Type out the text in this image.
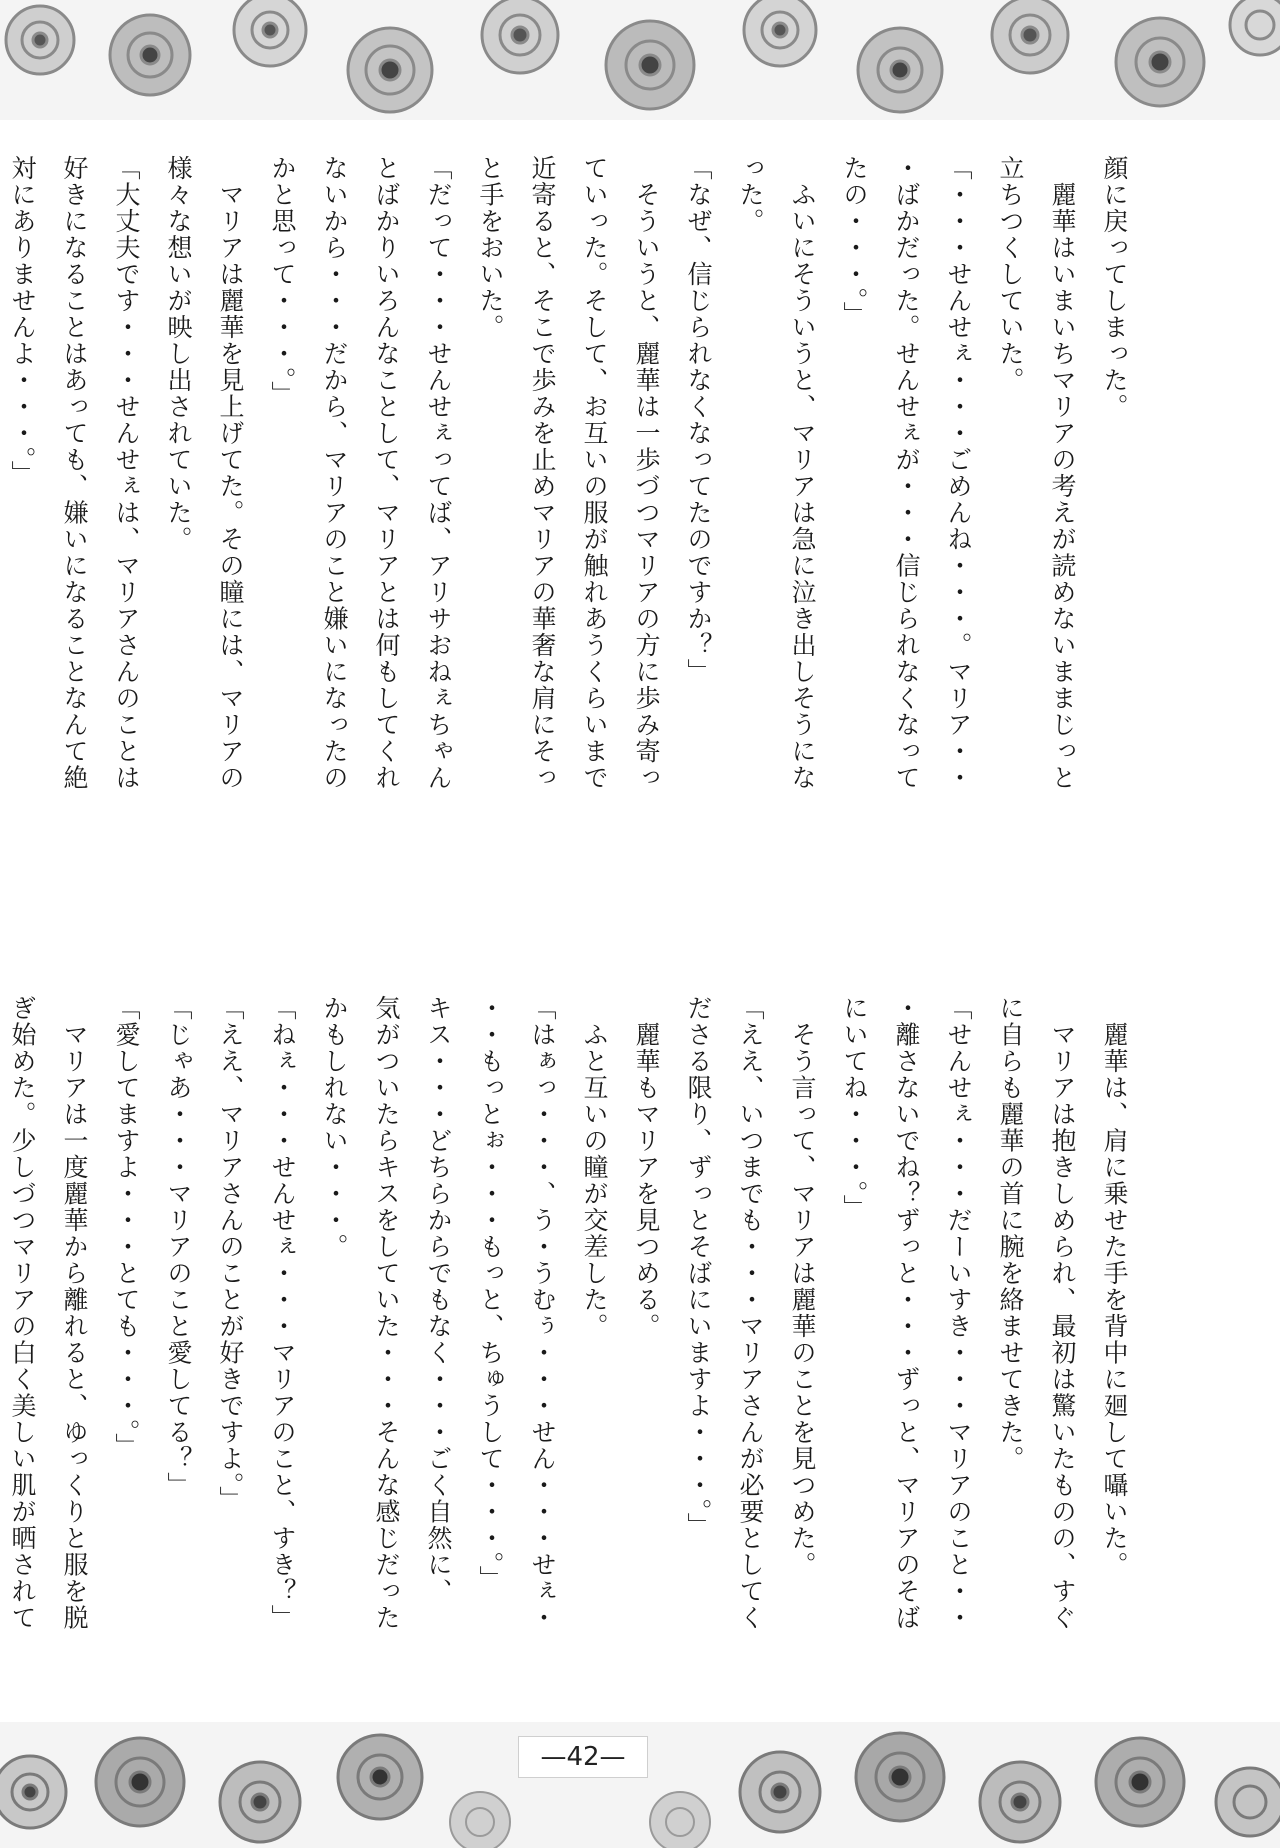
顔に戻ってしまった。

　麗華はいまいちマリアの考えが読めないままじっと

立ちつくしていた。

「・・・せんせぇ・・・ごめんね・・・。マリア・・

・ばかだった。せんせぇが・・・信じられなくなって

たの・・・。」

　ふいにそういうと、マリアは急に泣き出しそうにな

った。

「なぜ、信じられなくなってたのですか？」

　そういうと、麗華は一歩づつマリアの方に歩み寄っ

ていった。そして、お互いの服が触れあうくらいまで

近寄ると、そこで歩みを止めマリアの華奢な肩にそっ

と手をおいた。

「だって・・・せんせぇってば、アリサおねぇちゃん

とばかりいろんなことして、マリアとは何もしてくれ

ないから・・・だから、マリアのこと嫌いになったの

かと思って・・・。」

　マリアは麗華を見上げてた。その瞳には、マリアの

様々な想いが映し出されていた。

「大丈夫です・・・せんせぇは、マリアさんのことは

好きになることはあっても、嫌いになることなんて絶

対にありませんよ・・・。」

　麗華は、肩に乗せた手を背中に廻して囁いた。

　マリアは抱きしめられ、最初は驚いたものの、すぐ

に自らも麗華の首に腕を絡ませてきた。

「せんせぇ・・・だーいすき・・・マリアのこと・・

・離さないでね？ずっと・・・ずっと、マリアのそば

にいてね・・・。」

　そう言って、マリアは麗華のことを見つめた。

「ええ、いつまでも・・・マリアさんが必要としてく

ださる限り、ずっとそばにいますよ・・・。」

　麗華もマリアを見つめる。

　ふと互いの瞳が交差した。

「はぁっ・・・、う・うむぅ・・・せん・・・せぇ・

・・もっとぉ・・・もっと、ちゅうして・・・。」

キス・・・どちらからでもなく・・・ごく自然に、

気がついたらキスをしていた・・・そんな感じだった

かもしれない・・・。

「ねぇ・・・せんせぇ・・・マリアのこと、すき？」

「ええ、マリアさんのことが好きですよ。」

「じゃあ・・・マリアのこと愛してる？」

「愛してますよ・・・とても・・・。」

　マリアは一度麗華から離れると、ゆっくりと服を脱

ぎ始めた。少しづつマリアの白く美しい肌が晒されて

—42—
